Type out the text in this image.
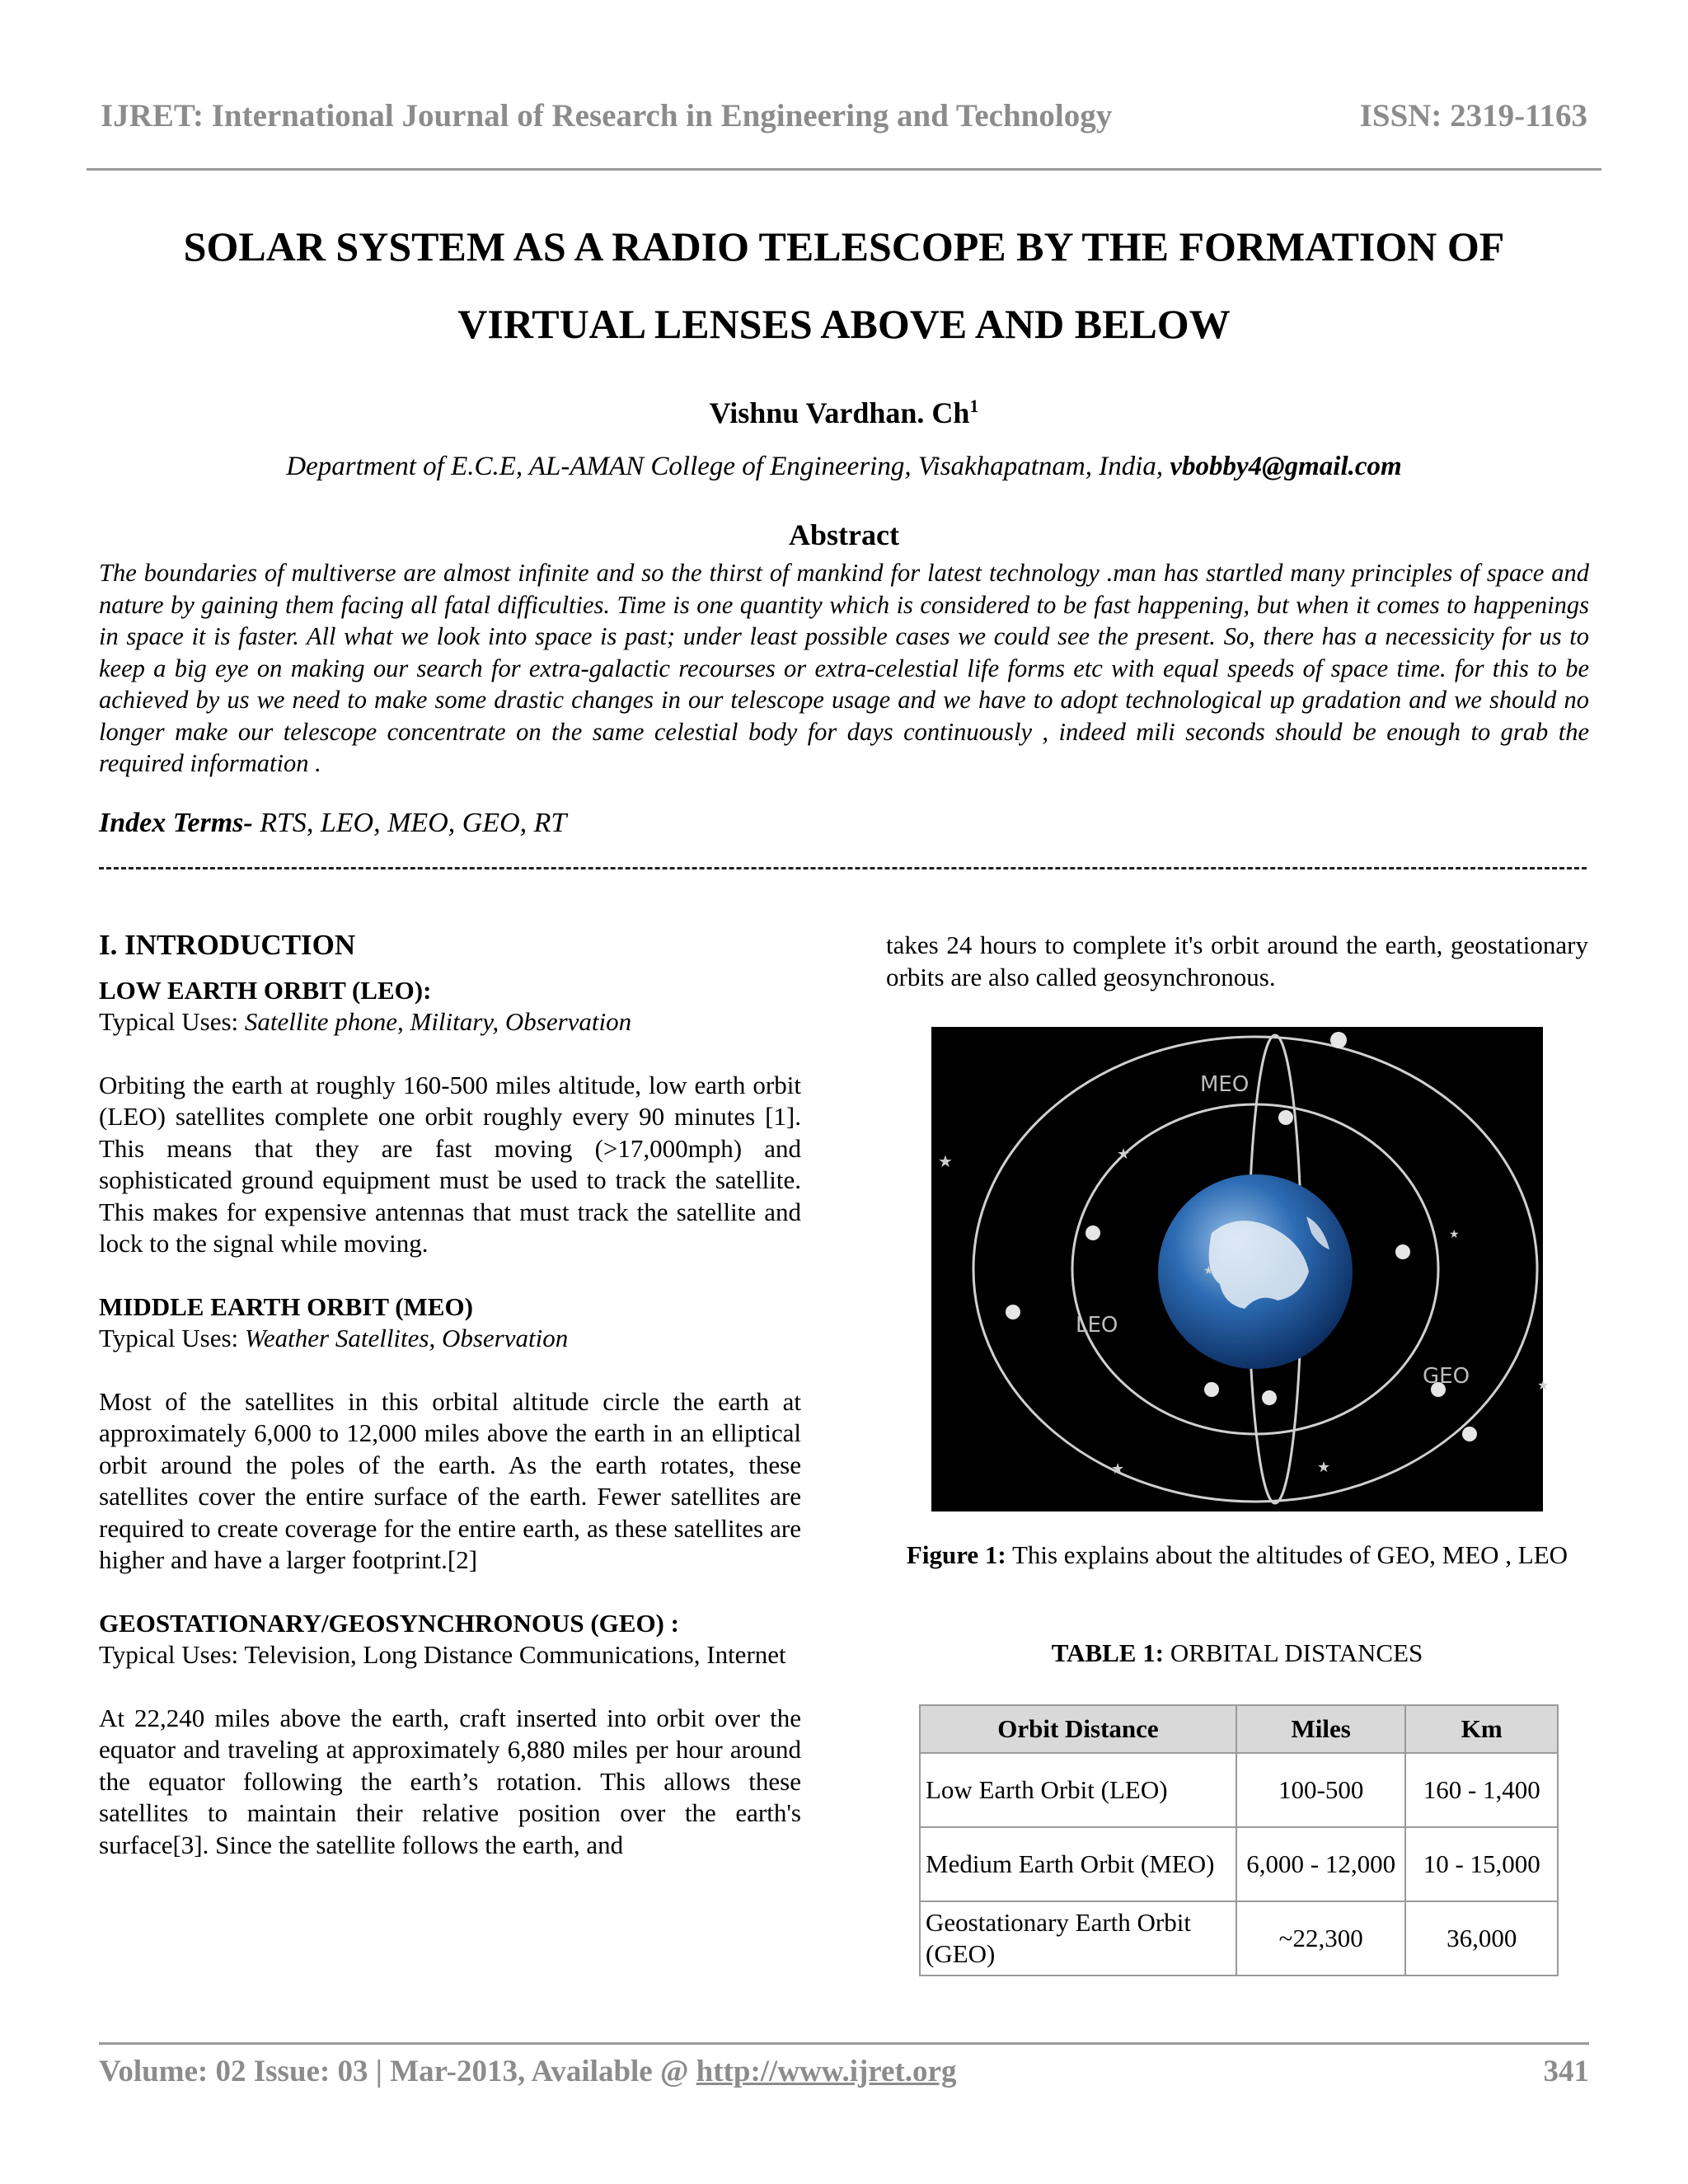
IJRET: International Journal of Research in Engineering and Technology	ISSN: 2319-1163
SOLAR SYSTEM AS A RADIO TELESCOPE BY THE FORMATION OF
VIRTUAL LENSES ABOVE AND BELOW
Vishnu Vardhan. Ch$^1$
Department of E.C.E, AL-AMAN College of Engineering, Visakhapatnam, India, vbobby4@gmail.com
Abstract
The boundaries of multiverse are almost infinite and so the thirst of mankind for latest technology .man has startled many principles of space and nature by gaining them facing all fatal difficulties. Time is one quantity which is considered to be fast happening, but when it comes to happenings in space it is faster. All what we look into space is past; under least possible cases we could see the present. So, there has a necessicity for us to keep a big eye on making our search for extra-galactic recourses or extra-celestial life forms etc with equal speeds of space time. for this to be achieved by us we need to make some drastic changes in our telescope usage and we have to adopt technological up gradation and we should no longer make our telescope concentrate on the same celestial body for days continuously , indeed mili seconds should be enough to grab the required information .
Index Terms- RTS, LEO, MEO, GEO, RT
I. INTRODUCTION
LOW EARTH ORBIT (LEO):

Typical Uses: Satellite phone, Military, Observation

Orbiting the earth at roughly 160-500 miles altitude, low earth orbit (LEO) satellites complete one orbit roughly every 90 minutes [1]. This means that they are fast moving (>17,000mph) and sophisticated ground equipment must be used to track the satellite. This makes for expensive antennas that must track the satellite and lock to the signal while moving.

MIDDLE EARTH ORBIT (MEO)

Typical Uses: Weather Satellites, Observation

Most of the satellites in this orbital altitude circle the earth at approximately 6,000 to 12,000 miles above the earth in an elliptical orbit around the poles of the earth. As the earth rotates, these satellites cover the entire surface of the earth. Fewer satellites are required to create coverage for the entire earth, as these satellites are higher and have a larger footprint.[2]

GEOSTATIONARY/GEOSYNCHRONOUS (GEO) :

Typical Uses: Television, Long Distance Communications, Internet

At 22,240 miles above the earth, craft inserted into orbit over the equator and traveling at approximately 6,880 miles per hour around the equator following the earth’s rotation. This allows these satellites to maintain their relative position over the earth's surface[3]. Since the satellite follows the earth, and

takes 24 hours to complete it's orbit around the earth, geostationary orbits are also called geosynchronous.

★	★
★
★
★
★
★
MEO
LEO
GEO
Figure 1: This explains about the altitudes of GEO, MEO , LEO
TABLE 1: ORBITAL DISTANCES
Orbit Distance	Miles	Km
Low Earth Orbit (LEO)	100-500	160 - 1,400
Medium Earth Orbit (MEO)	6,000 - 12,000	10 - 15,000
Geostationary Earth Orbit (GEO)	~22,300	36,000
Volume: 02 Issue: 03 | Mar-2013, Available @ http://www.ijret.org	341
